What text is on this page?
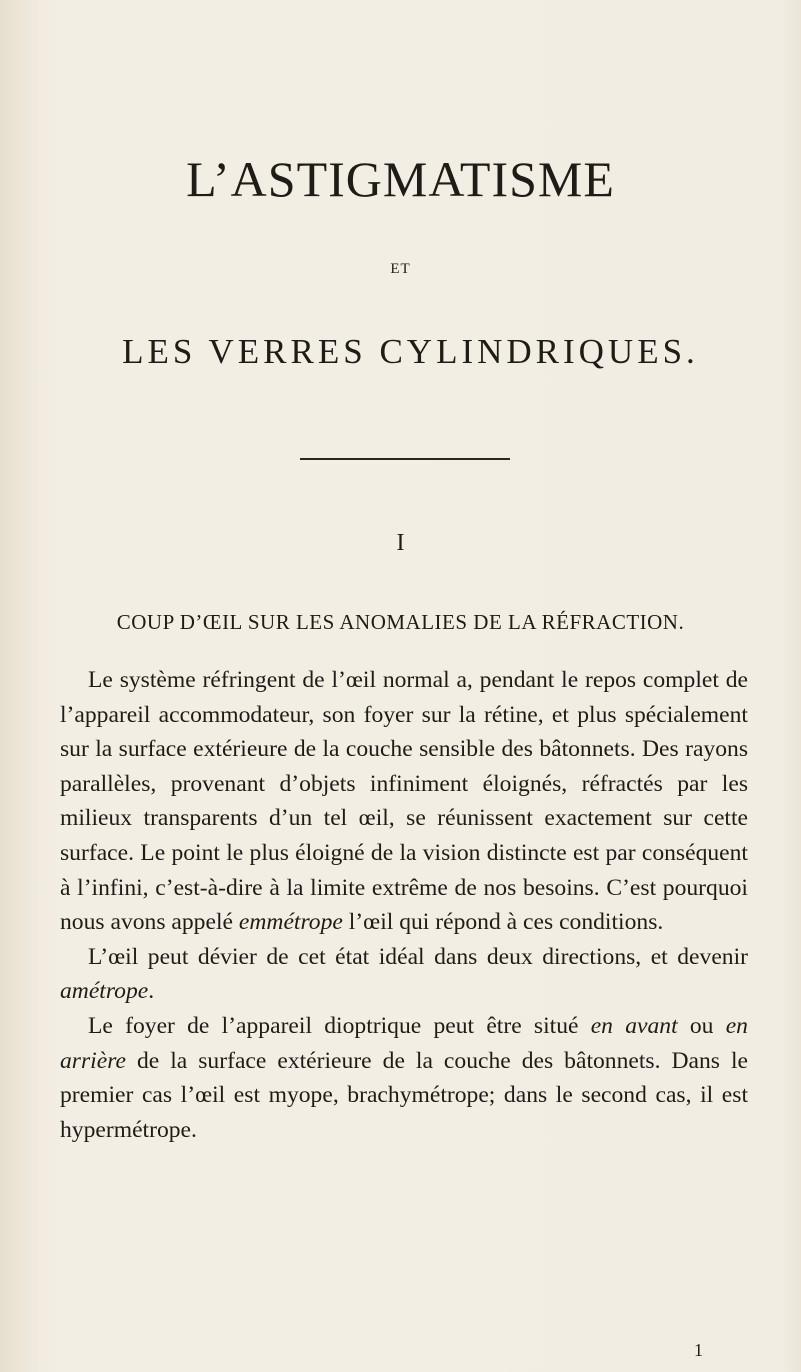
L’ASTIGMATISME
ET
LES VERRES CYLINDRIQUES.
I
COUP D’ŒIL SUR LES ANOMALIES DE LA RÉFRACTION.

Le système réfringent de l’œil normal a, pendant le repos complet de l’appareil accommodateur, son foyer sur la rétine, et plus spécialement sur la surface extérieure de la couche sensible des bâtonnets. Des rayons parallèles, provenant d’objets infiniment éloignés, réfractés par les milieux transparents d’un tel œil, se réunissent exactement sur cette surface. Le point le plus éloigné de la vision distincte est par conséquent à l’infini, c’est-à-dire à la limite extrême de nos besoins. C’est pourquoi nous avons appelé emmétrope l’œil qui répond à ces conditions.

L’œil peut dévier de cet état idéal dans deux directions, et devenir amétrope.

Le foyer de l’appareil dioptrique peut être situé en avant ou en arrière de la surface extérieure de la couche des bâtonnets. Dans le premier cas l’œil est myope, brachymétrope; dans le second cas, il est hypermétrope.

1
